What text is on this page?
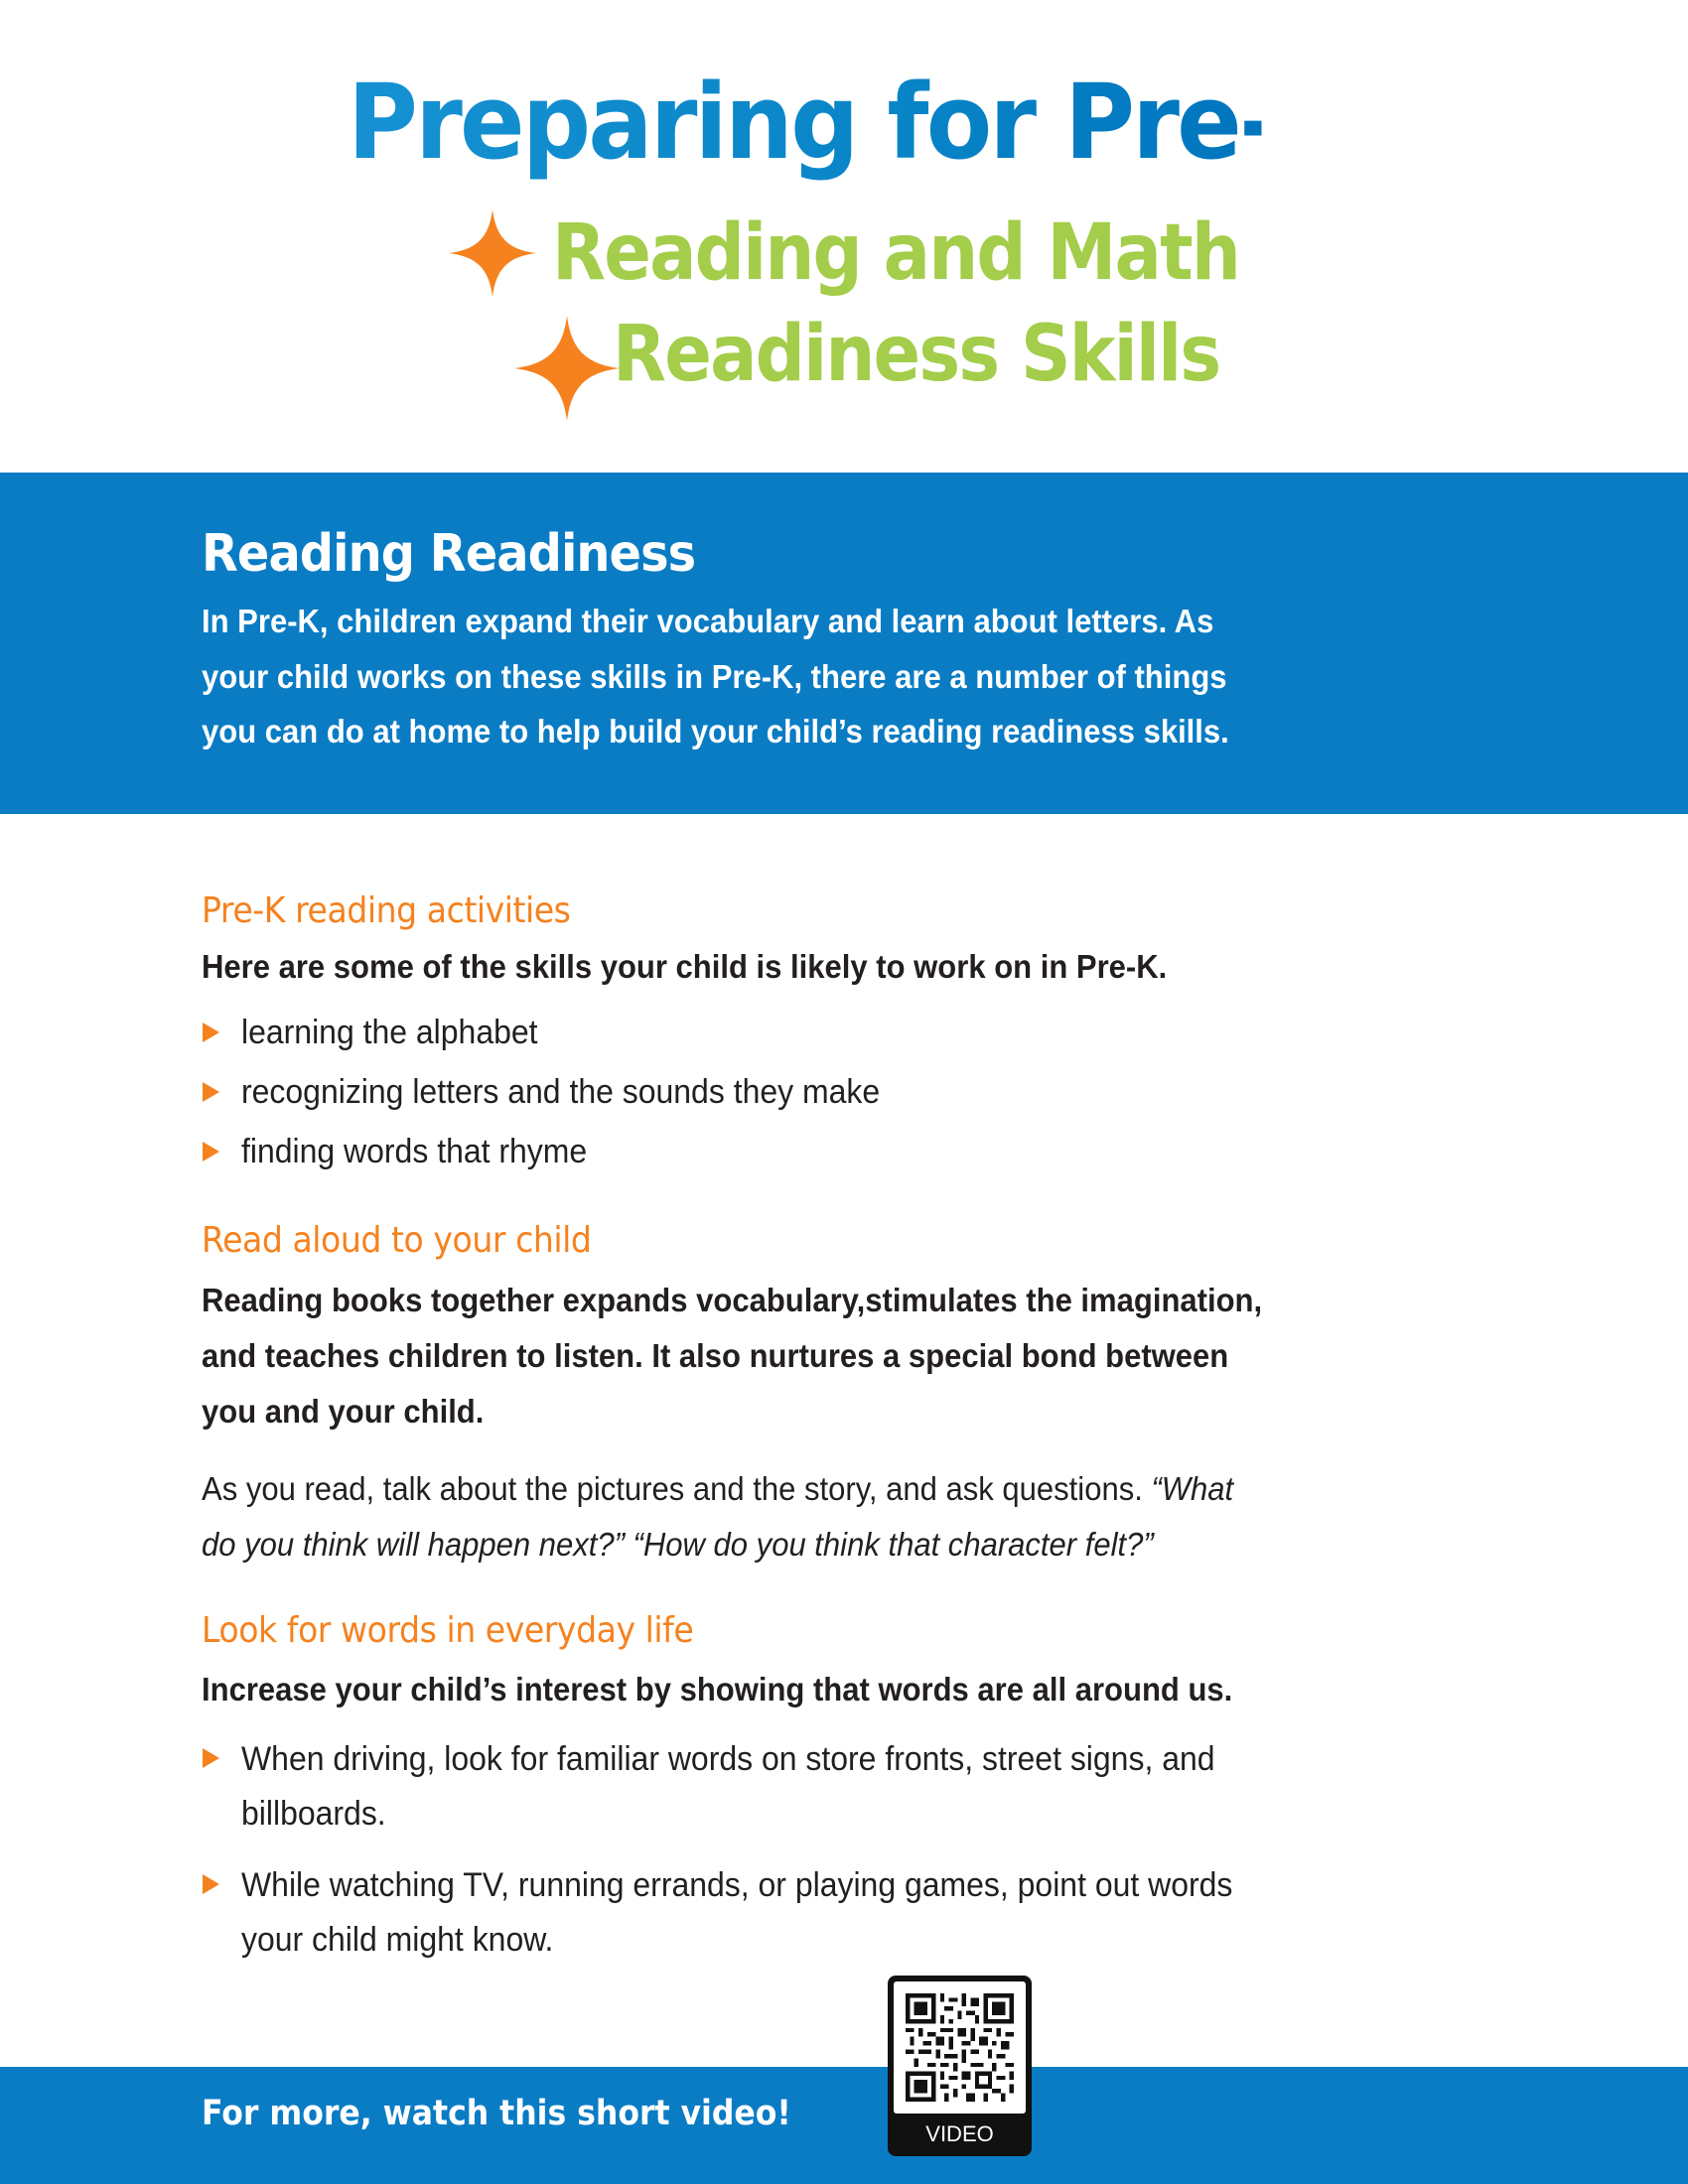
Preparing for Pre-K
Reading and Math
Readiness Skills
Reading Readiness
In Pre-K, children expand their vocabulary and learn about letters. As
your child works on these skills in Pre-K, there are a number of things
you can do at home to help build your child’s reading readiness skills.
Pre-K reading activities
Here are some of the skills your child is likely to work on in Pre-K.
learning the alphabet
recognizing letters and the sounds they make
finding words that rhyme
Read aloud to your child
Reading books together expands vocabulary,stimulates the imagination,
and teaches children to listen. It also nurtures a special bond between
you and your child.
As you read, talk about the pictures and the story, and ask questions. “What
do you think will happen next?” “How do you think that character felt?”
Look for words in everyday life
Increase your child’s interest by showing that words are all around us.
When driving, look for familiar words on store fronts, street signs, and
billboards.
While watching TV, running errands, or playing games, point out words
your child might know.
For more, watch this short video!
VIDEO
